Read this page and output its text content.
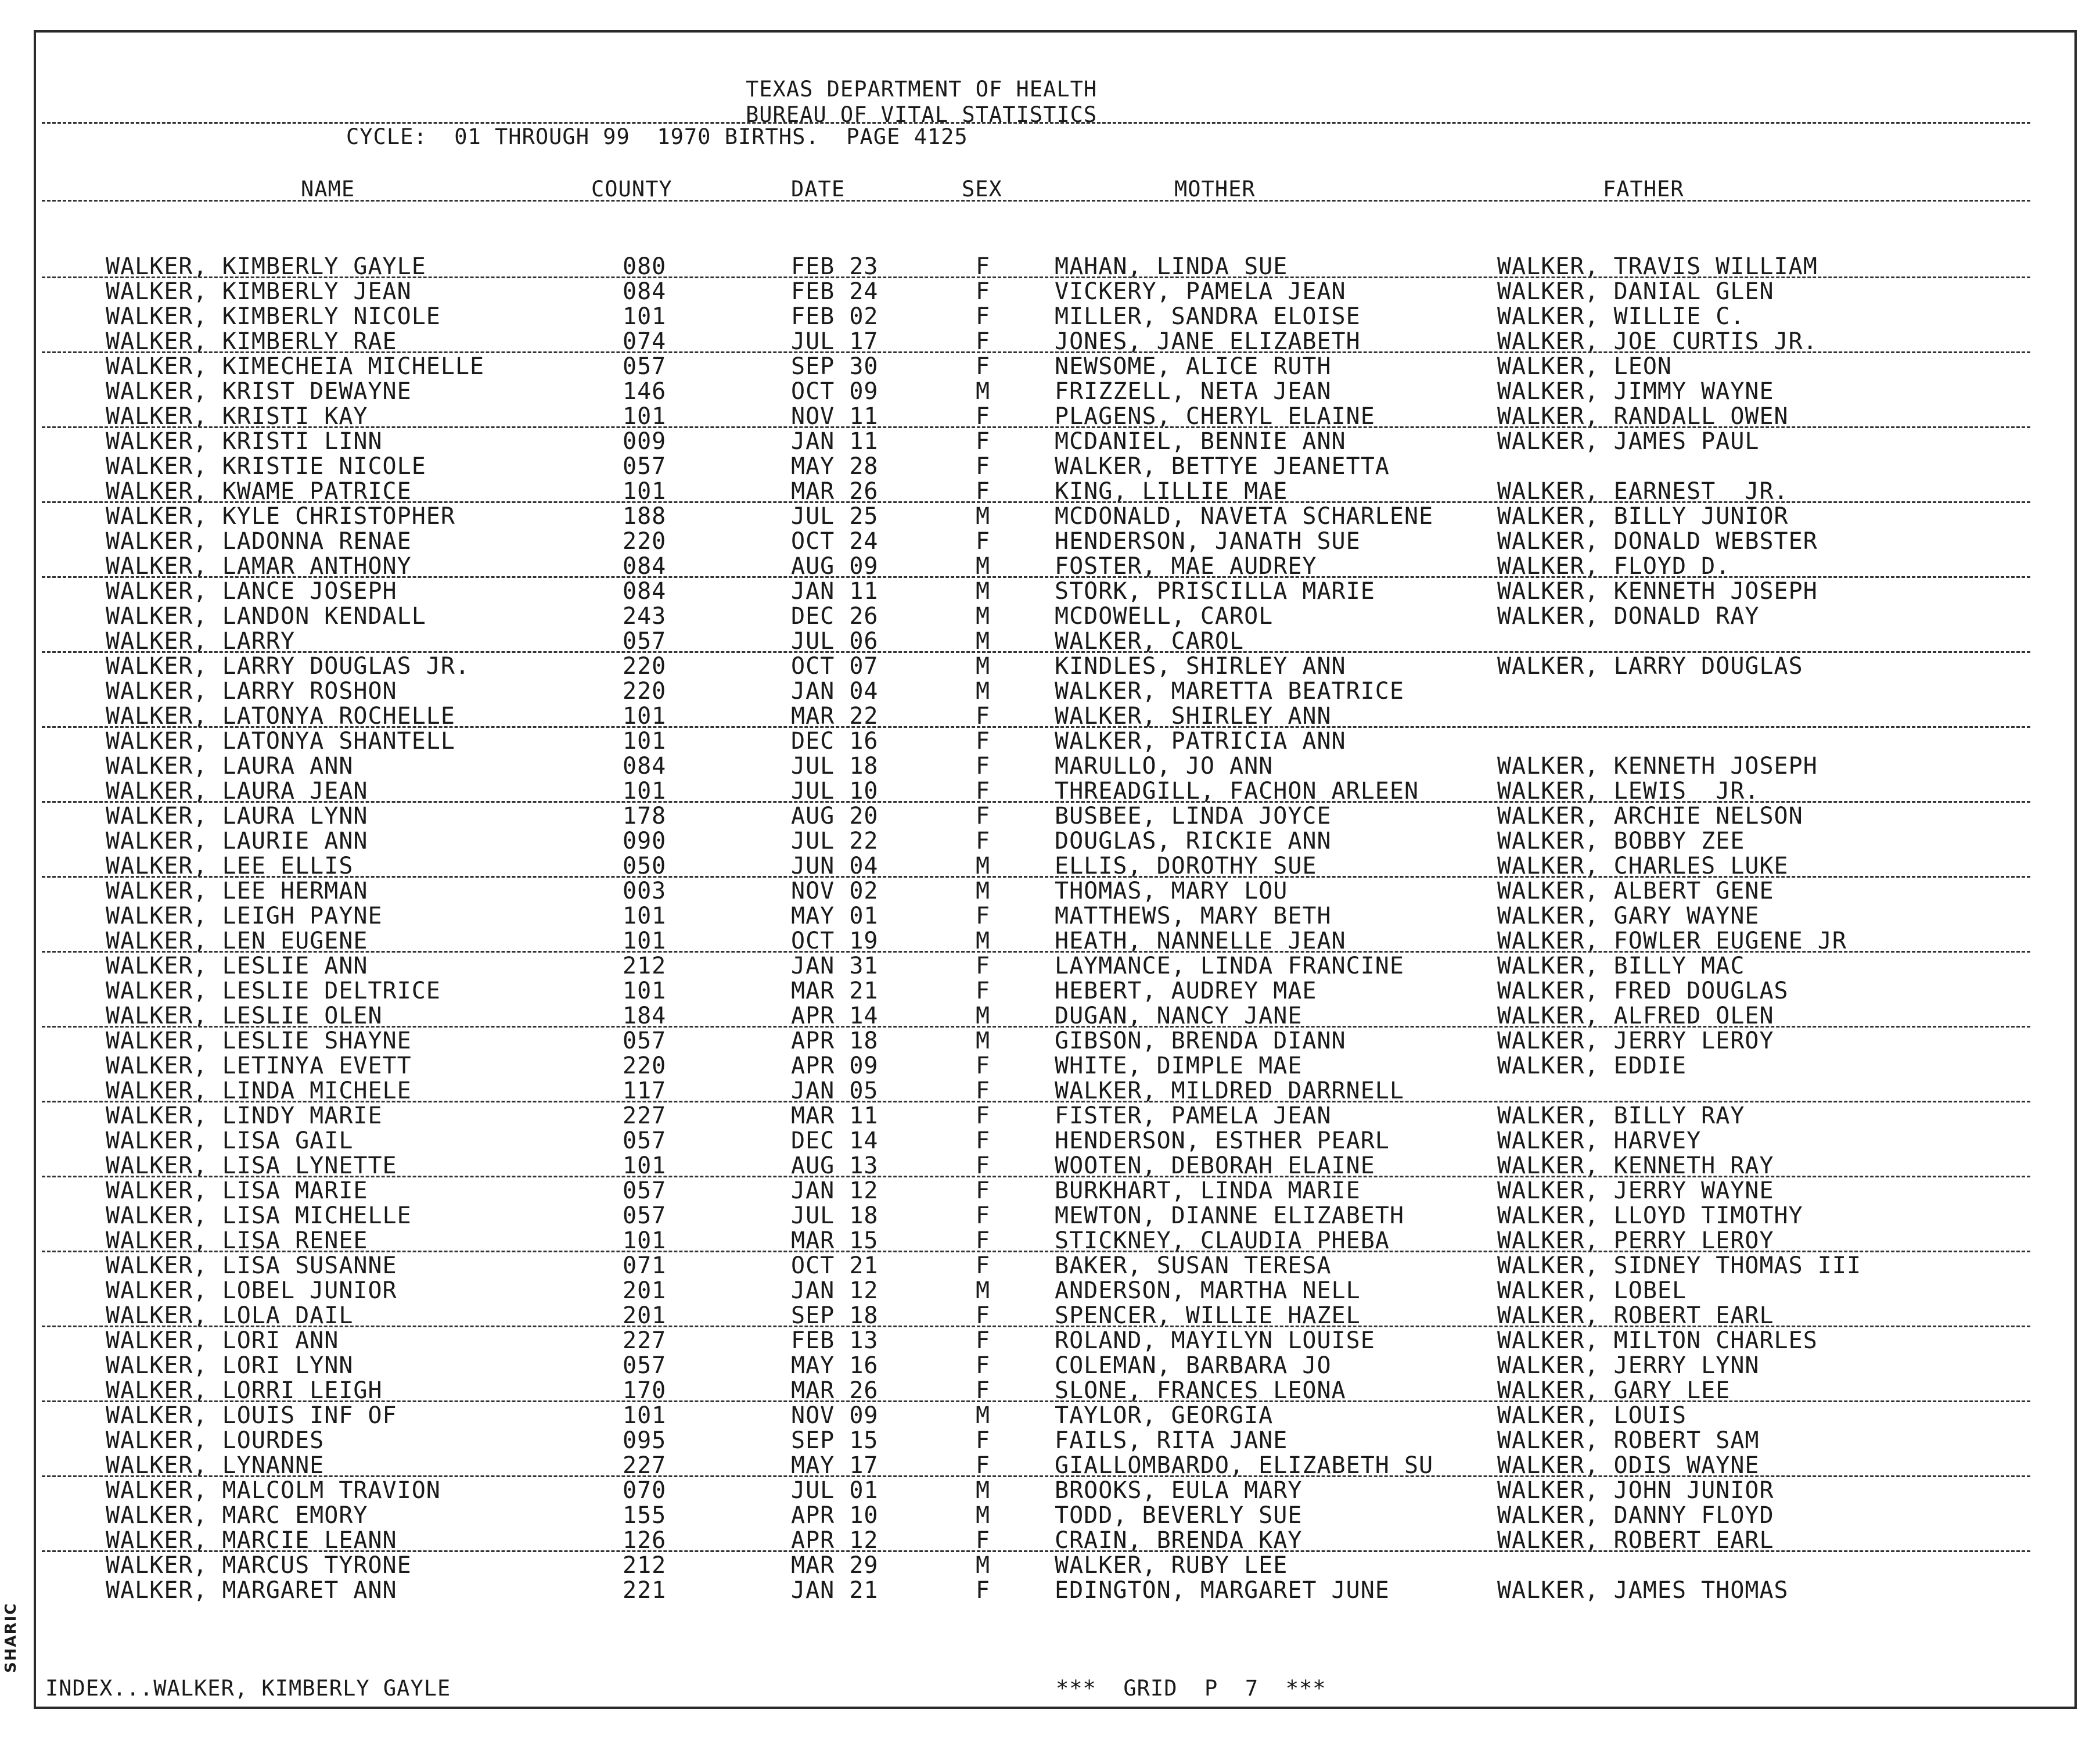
SHARIC
TEXAS DEPARTMENT OF HEALTH
BUREAU OF VITAL STATISTICS
CYCLE:  01 THROUGH 99  1970 BIRTHS.  PAGE 4125
NAME	COUNTY	DATE	SEX	MOTHER	FATHER
WALKER, KIMBERLY GAYLE	080	FEB 23	F	MAHAN, LINDA SUE	WALKER, TRAVIS WILLIAM
WALKER, KIMBERLY JEAN	084	FEB 24	F	VICKERY, PAMELA JEAN	WALKER, DANIAL GLEN
WALKER, KIMBERLY NICOLE	101	FEB 02	F	MILLER, SANDRA ELOISE	WALKER, WILLIE C.
WALKER, KIMBERLY RAE	074	JUL 17	F	JONES, JANE ELIZABETH	WALKER, JOE CURTIS JR.
WALKER, KIMECHEIA MICHELLE	057	SEP 30	F	NEWSOME, ALICE RUTH	WALKER, LEON
WALKER, KRIST DEWAYNE	146	OCT 09	M	FRIZZELL, NETA JEAN	WALKER, JIMMY WAYNE
WALKER, KRISTI KAY	101	NOV 11	F	PLAGENS, CHERYL ELAINE	WALKER, RANDALL OWEN
WALKER, KRISTI LINN	009	JAN 11	F	MCDANIEL, BENNIE ANN	WALKER, JAMES PAUL
WALKER, KRISTIE NICOLE	057	MAY 28	F	WALKER, BETTYE JEANETTA
WALKER, KWAME PATRICE	101	MAR 26	F	KING, LILLIE MAE	WALKER, EARNEST  JR.
WALKER, KYLE CHRISTOPHER	188	JUL 25	M	MCDONALD, NAVETA SCHARLENE	WALKER, BILLY JUNIOR
WALKER, LADONNA RENAE	220	OCT 24	F	HENDERSON, JANATH SUE	WALKER, DONALD WEBSTER
WALKER, LAMAR ANTHONY	084	AUG 09	M	FOSTER, MAE AUDREY	WALKER, FLOYD D.
WALKER, LANCE JOSEPH	084	JAN 11	M	STORK, PRISCILLA MARIE	WALKER, KENNETH JOSEPH
WALKER, LANDON KENDALL	243	DEC 26	M	MCDOWELL, CAROL	WALKER, DONALD RAY
WALKER, LARRY	057	JUL 06	M	WALKER, CAROL
WALKER, LARRY DOUGLAS JR.	220	OCT 07	M	KINDLES, SHIRLEY ANN	WALKER, LARRY DOUGLAS
WALKER, LARRY ROSHON	220	JAN 04	M	WALKER, MARETTA BEATRICE
WALKER, LATONYA ROCHELLE	101	MAR 22	F	WALKER, SHIRLEY ANN
WALKER, LATONYA SHANTELL	101	DEC 16	F	WALKER, PATRICIA ANN
WALKER, LAURA ANN	084	JUL 18	F	MARULLO, JO ANN	WALKER, KENNETH JOSEPH
WALKER, LAURA JEAN	101	JUL 10	F	THREADGILL, FACHON ARLEEN	WALKER, LEWIS  JR.
WALKER, LAURA LYNN	178	AUG 20	F	BUSBEE, LINDA JOYCE	WALKER, ARCHIE NELSON
WALKER, LAURIE ANN	090	JUL 22	F	DOUGLAS, RICKIE ANN	WALKER, BOBBY ZEE
WALKER, LEE ELLIS	050	JUN 04	M	ELLIS, DOROTHY SUE	WALKER, CHARLES LUKE
WALKER, LEE HERMAN	003	NOV 02	M	THOMAS, MARY LOU	WALKER, ALBERT GENE
WALKER, LEIGH PAYNE	101	MAY 01	F	MATTHEWS, MARY BETH	WALKER, GARY WAYNE
WALKER, LEN EUGENE	101	OCT 19	M	HEATH, NANNELLE JEAN	WALKER, FOWLER EUGENE JR
WALKER, LESLIE ANN	212	JAN 31	F	LAYMANCE, LINDA FRANCINE	WALKER, BILLY MAC
WALKER, LESLIE DELTRICE	101	MAR 21	F	HEBERT, AUDREY MAE	WALKER, FRED DOUGLAS
WALKER, LESLIE OLEN	184	APR 14	M	DUGAN, NANCY JANE	WALKER, ALFRED OLEN
WALKER, LESLIE SHAYNE	057	APR 18	M	GIBSON, BRENDA DIANN	WALKER, JERRY LEROY
WALKER, LETINYA EVETT	220	APR 09	F	WHITE, DIMPLE MAE	WALKER, EDDIE
WALKER, LINDA MICHELE	117	JAN 05	F	WALKER, MILDRED DARRNELL
WALKER, LINDY MARIE	227	MAR 11	F	FISTER, PAMELA JEAN	WALKER, BILLY RAY
WALKER, LISA GAIL	057	DEC 14	F	HENDERSON, ESTHER PEARL	WALKER, HARVEY
WALKER, LISA LYNETTE	101	AUG 13	F	WOOTEN, DEBORAH ELAINE	WALKER, KENNETH RAY
WALKER, LISA MARIE	057	JAN 12	F	BURKHART, LINDA MARIE	WALKER, JERRY WAYNE
WALKER, LISA MICHELLE	057	JUL 18	F	MEWTON, DIANNE ELIZABETH	WALKER, LLOYD TIMOTHY
WALKER, LISA RENEE	101	MAR 15	F	STICKNEY, CLAUDIA PHEBA	WALKER, PERRY LEROY
WALKER, LISA SUSANNE	071	OCT 21	F	BAKER, SUSAN TERESA	WALKER, SIDNEY THOMAS III
WALKER, LOBEL JUNIOR	201	JAN 12	M	ANDERSON, MARTHA NELL	WALKER, LOBEL
WALKER, LOLA DAIL	201	SEP 18	F	SPENCER, WILLIE HAZEL	WALKER, ROBERT EARL
WALKER, LORI ANN	227	FEB 13	F	ROLAND, MAYILYN LOUISE	WALKER, MILTON CHARLES
WALKER, LORI LYNN	057	MAY 16	F	COLEMAN, BARBARA JO	WALKER, JERRY LYNN
WALKER, LORRI LEIGH	170	MAR 26	F	SLONE, FRANCES LEONA	WALKER, GARY LEE
WALKER, LOUIS INF OF	101	NOV 09	M	TAYLOR, GEORGIA	WALKER, LOUIS
WALKER, LOURDES	095	SEP 15	F	FAILS, RITA JANE	WALKER, ROBERT SAM
WALKER, LYNANNE	227	MAY 17	F	GIALLOMBARDO, ELIZABETH SU	WALKER, ODIS WAYNE
WALKER, MALCOLM TRAVION	070	JUL 01	M	BROOKS, EULA MARY	WALKER, JOHN JUNIOR
WALKER, MARC EMORY	155	APR 10	M	TODD, BEVERLY SUE	WALKER, DANNY FLOYD
WALKER, MARCIE LEANN	126	APR 12	F	CRAIN, BRENDA KAY	WALKER, ROBERT EARL
WALKER, MARCUS TYRONE	212	MAR 29	M	WALKER, RUBY LEE
WALKER, MARGARET ANN	221	JAN 21	F	EDINGTON, MARGARET JUNE	WALKER, JAMES THOMAS
INDEX...WALKER, KIMBERLY GAYLE	***  GRID  P  7  ***
